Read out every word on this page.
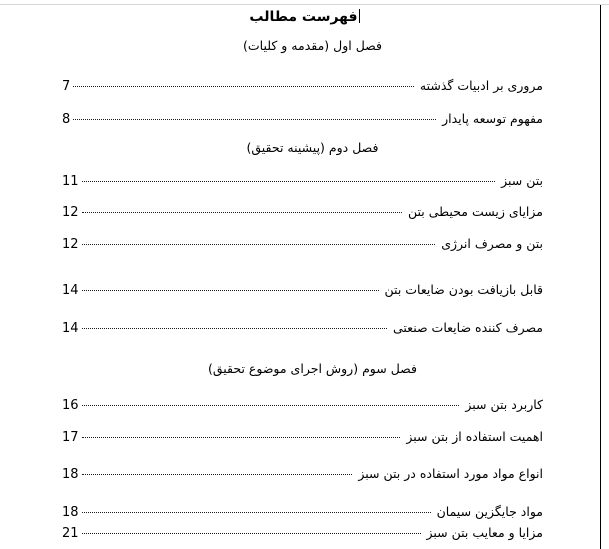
فهرست مطالب
فصل اول (مقدمه و کلیات)
مروری بر ادبیات گذشته
7
مفهوم توسعه پایدار
8
فصل دوم (پیشینه تحقیق)
بتن سبز
11
مزایای زیست محیطی بتن
12
بتن و مصرف انرژی
12
قابل بازیافت بودن ضایعات بتن
14
مصرف کننده ضایعات صنعتی
14
فصل سوم (روش اجرای موضوع تحقیق)
کاربرد بتن سبز
16
اهمیت استفاده از بتن سبز
17
انواع مواد مورد استفاده در بتن سبز
18
مواد جایگزین سیمان
18
مزایا و معایب بتن سبز
21
